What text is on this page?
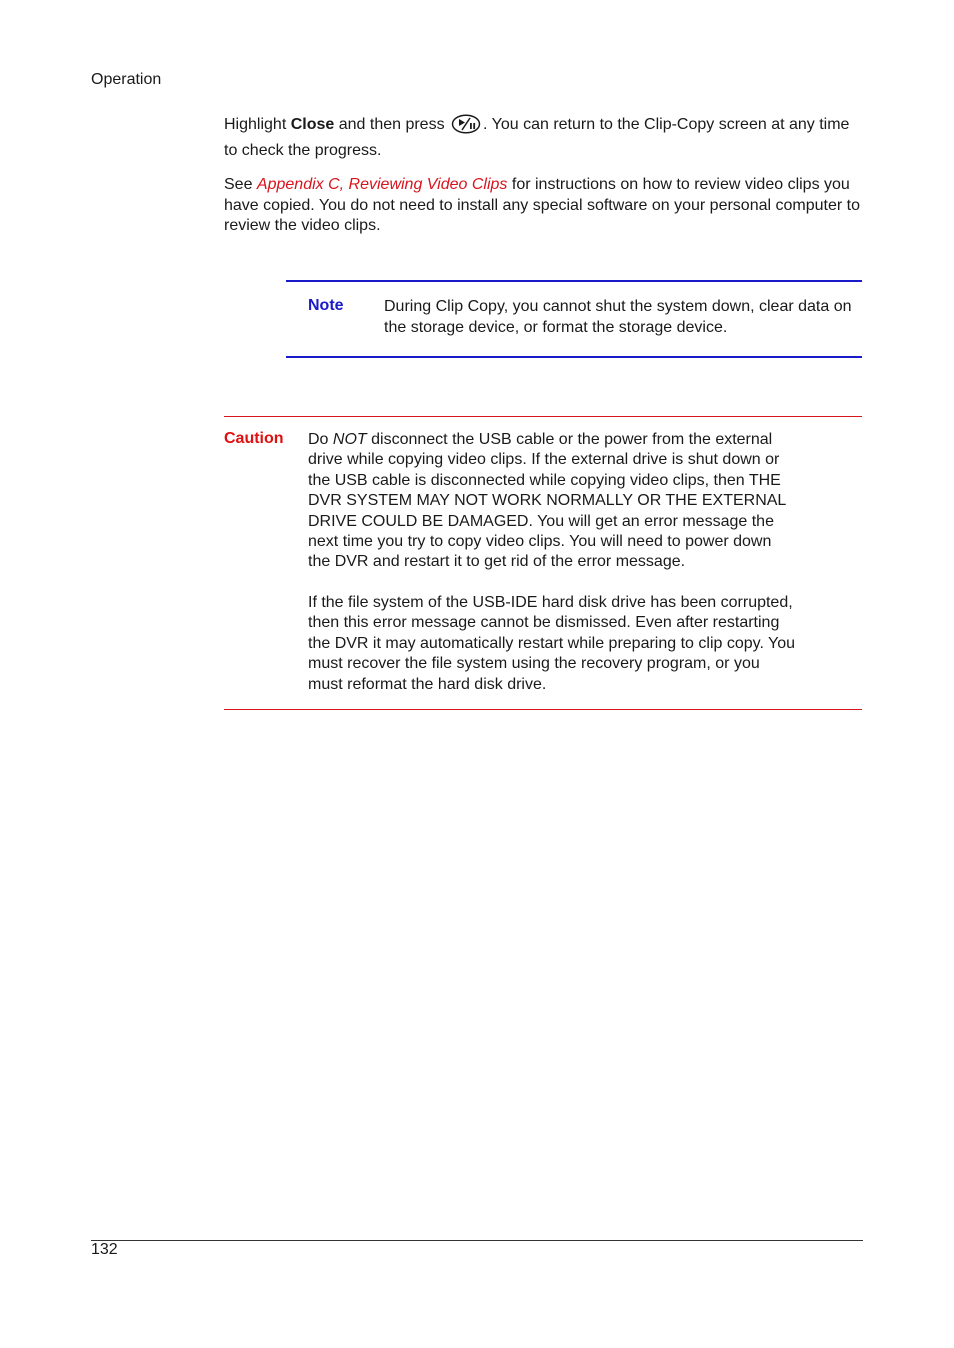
Operation
Highlight Close and then press . You can return to the Clip-Copy screen at any time to check the progress.
See Appendix C, Reviewing Video Clips for instructions on how to review video clips you have copied. You do not need to install any special software on your personal computer to review the video clips.
Note	During Clip Copy, you cannot shut the system down, clear data on the storage device, or format the storage device.
Caution Do NOT disconnect the USB cable or the power from the external drive while copying video clips. If the external drive is shut down or the USB cable is disconnected while copying video clips, then THE DVR SYSTEM MAY NOT WORK NORMALLY OR THE EXTERNAL DRIVE COULD BE DAMAGED. You will get an error message the next time you try to copy video clips. You will need to power down the DVR and restart it to get rid of the error message.
If the file system of the USB-IDE hard disk drive has been corrupted, then this error message cannot be dismissed. Even after restarting the DVR it may automatically restart while preparing to clip copy. You must recover the file system using the recovery program, or you must reformat the hard disk drive.
132
